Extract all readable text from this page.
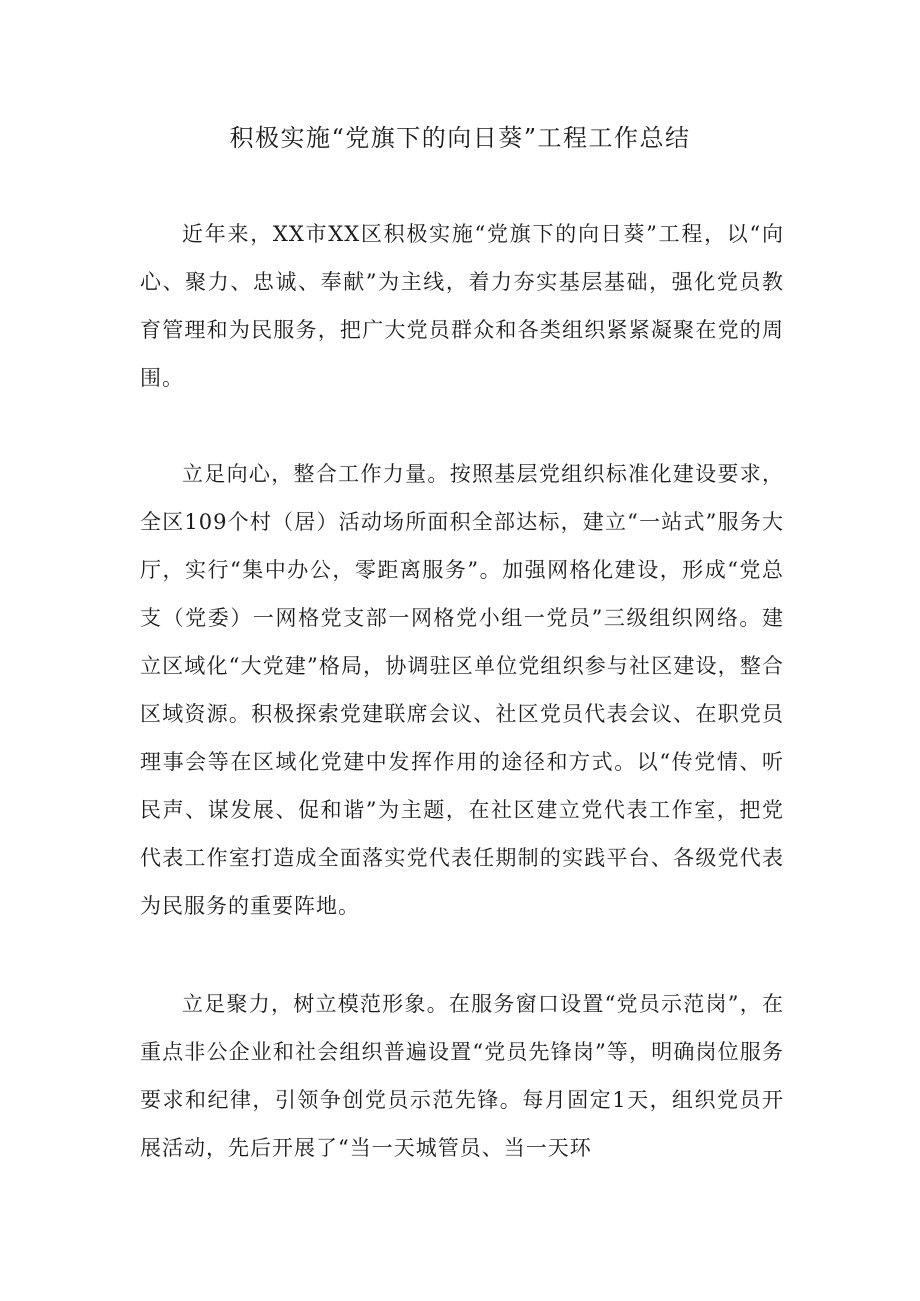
积极实施“党旗下的向日葵”工程工作总结

近年来，XX市XX区积极实施“党旗下的向日葵”工程，以“向心、聚力、忠诚、奉献”为主线，着力夯实基层基础，强化党员教育管理和为民服务，把广大党员群众和各类组织紧紧凝聚在党的周围。

立足向心，整合工作力量。按照基层党组织标准化建设要求，全区109个村（居）活动场所面积全部达标，建立“一站式”服务大厅，实行“集中办公，零距离服务”。加强网格化建设，形成“党总支（党委）一网格党支部一网格党小组一党员”三级组织网络。建立区域化“大党建”格局，协调驻区单位党组织参与社区建设，整合区域资源。积极探索党建联席会议、社区党员代表会议、在职党员理事会等在区域化党建中发挥作用的途径和方式。以“传党情、听民声、谋发展、促和谐”为主题，在社区建立党代表工作室，把党代表工作室打造成全面落实党代表任期制的实践平台、各级党代表为民服务的重要阵地。

立足聚力，树立模范形象。在服务窗口设置“党员示范岗”，在重点非公企业和社会组织普遍设置“党员先锋岗”等，明确岗位服务要求和纪律，引领争创党员示范先锋。每月固定1天，组织党员开展活动，先后开展了“当一天城管员、当一天环
